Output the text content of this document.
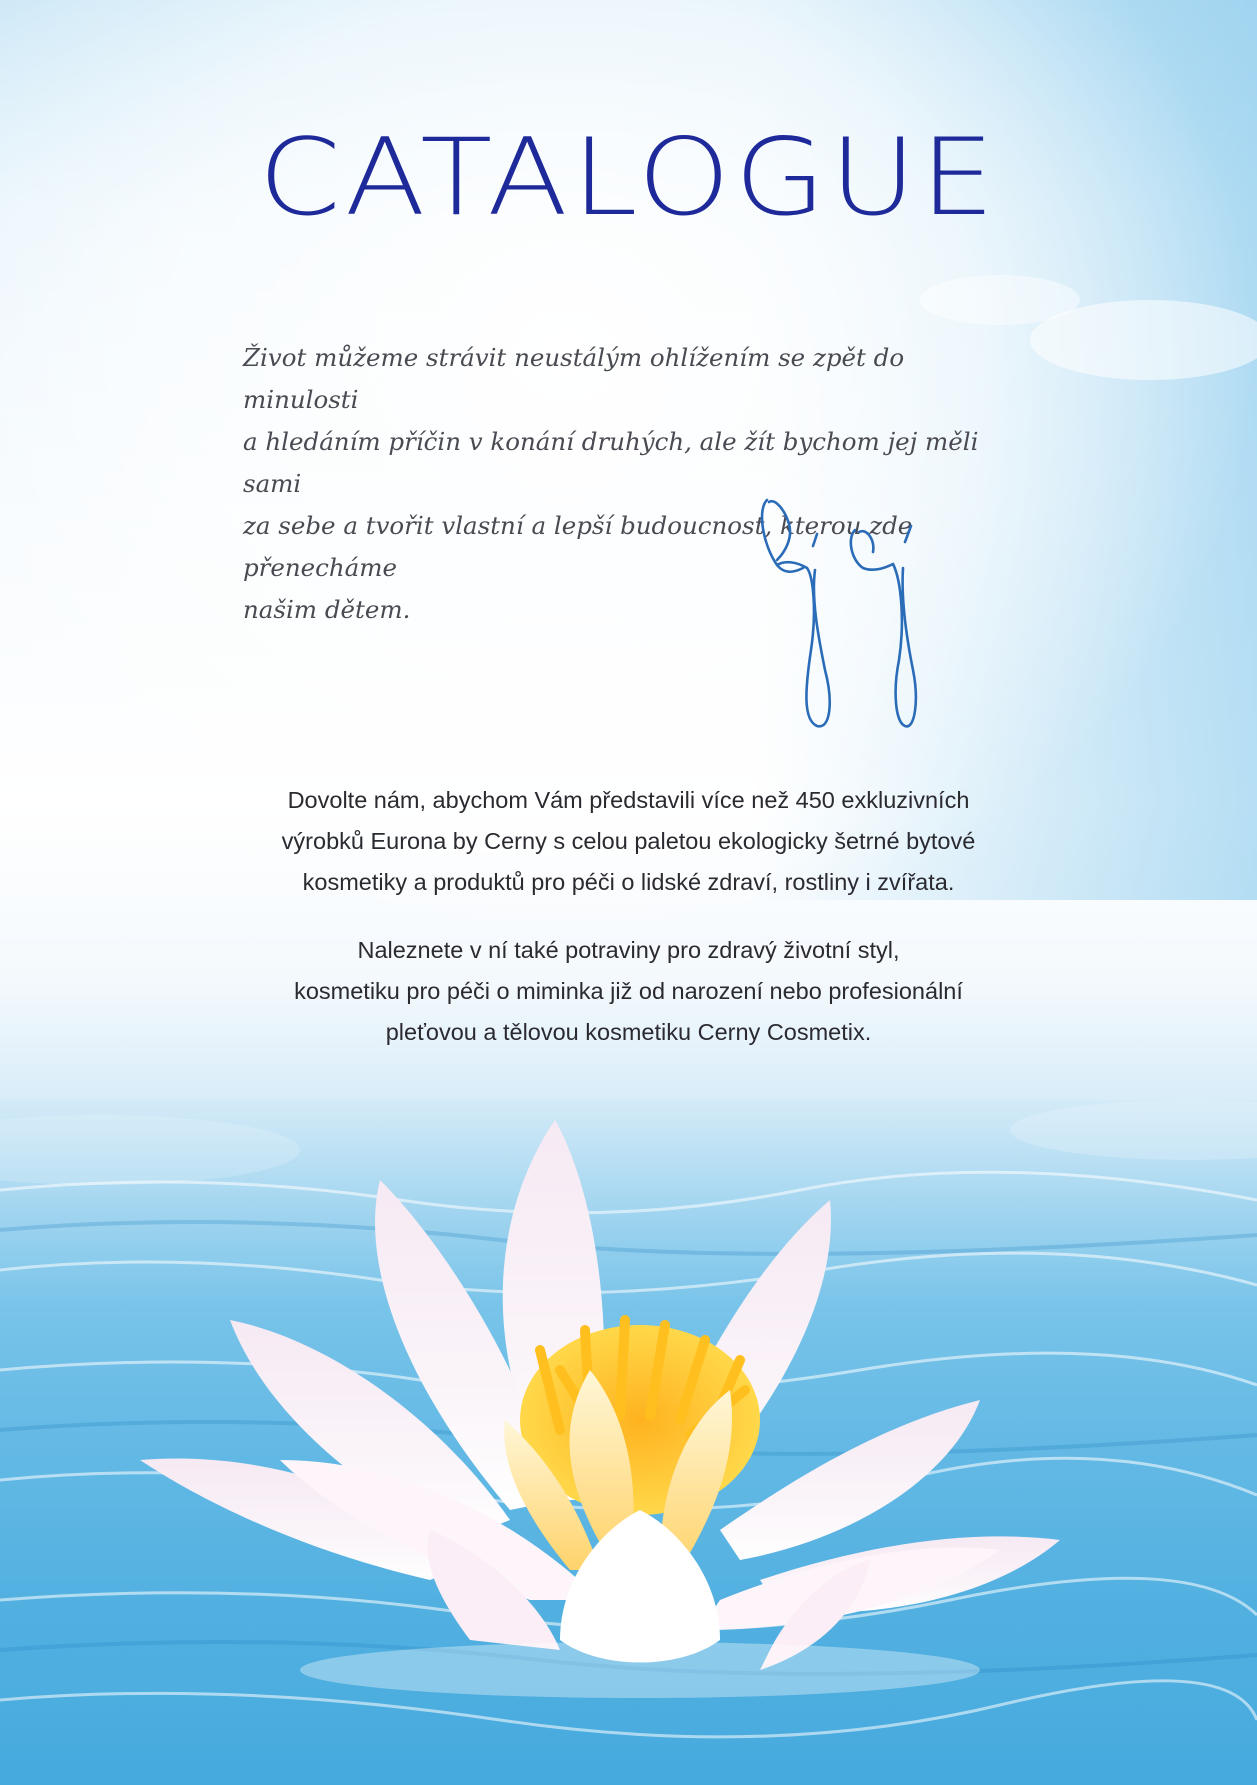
CATALOGUE
Život můžeme strávit neustálým ohlížením se zpět do minulosti
a hledáním příčin v konání druhých, ale žít bychom jej měli sami
za sebe a tvořit vlastní a lepší budoucnost, kterou zde přenecháme
našim dětem.
Dovolte nám, abychom Vám představili více než 450 exkluzivních
výrobků Eurona by Cerny s celou paletou ekologicky šetrné bytové
kosmetiky a produktů pro péči o lidské zdraví, rostliny i zvířata.
Naleznete v ní také potraviny pro zdravý životní styl,
kosmetiku pro péči o miminka již od narození nebo profesionální
pleťovou a tělovou kosmetiku Cerny Cosmetix.
